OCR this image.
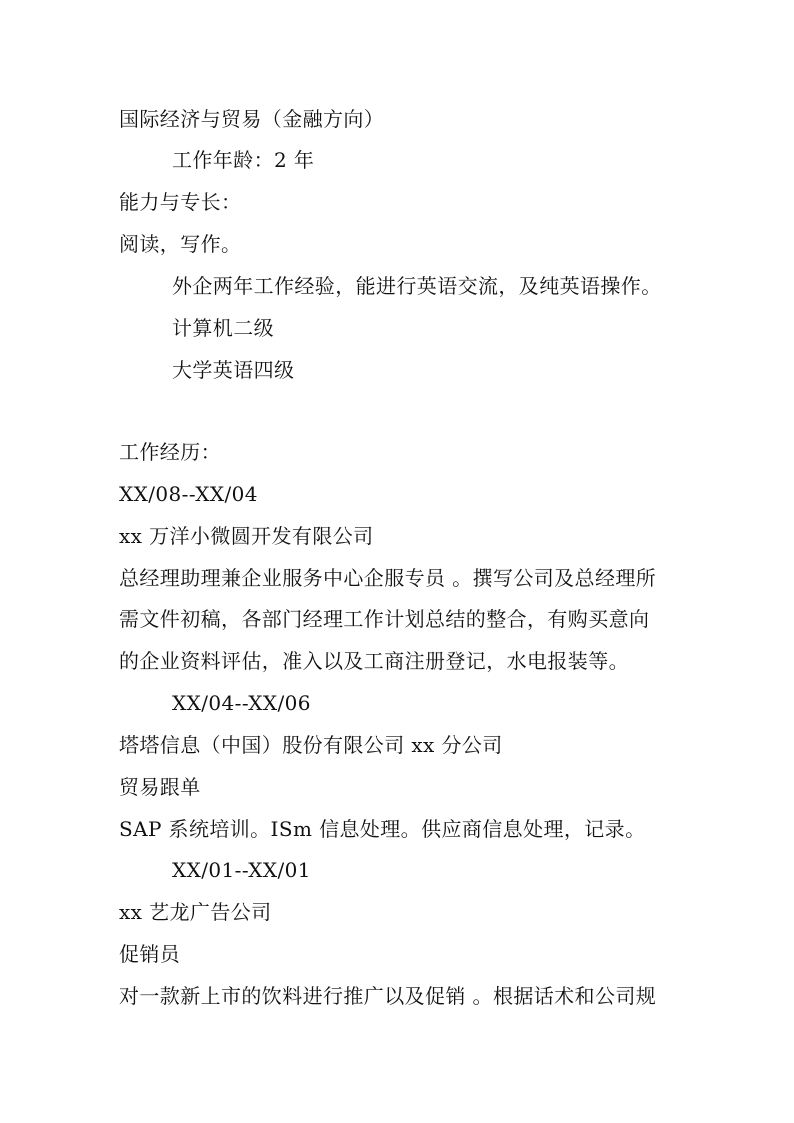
国际经济与贸易（金融方向）
工作年龄：2 年
能力与专长：
阅读，写作。
外企两年工作经验，能进行英语交流，及纯英语操作。
计算机二级
大学英语四级
工作经历：
XX/08--XX/04
xx 万洋小微圆开发有限公司
总经理助理兼企业服务中心企服专员 。撰写公司及总经理所
需文件初稿，各部门经理工作计划总结的整合，有购买意向
的企业资料评估，准入以及工商注册登记，水电报装等。
XX/04--XX/06
塔塔信息（中国）股份有限公司 xx 分公司
贸易跟单
SAP 系统培训。ISm 信息处理。供应商信息处理，记录。
XX/01--XX/01
xx 艺龙广告公司
促销员
对一款新上市的饮料进行推广以及促销 。根据话术和公司规
